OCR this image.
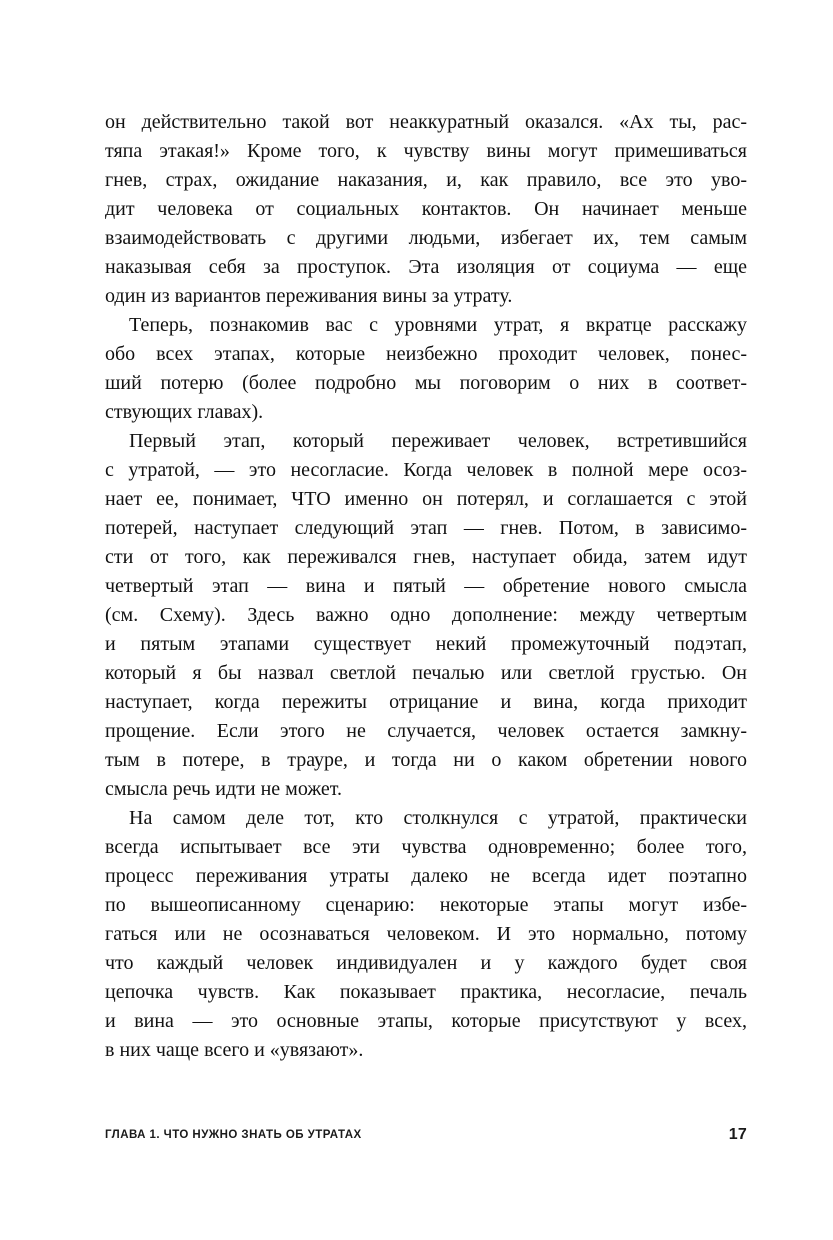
он действительно такой вот неаккуратный оказался. «Ах ты, рас-
тяпа этакая!» Кроме того, к чувству вины могут примешиваться
гнев, страх, ожидание наказания, и, как правило, все это уво-
дит человека от социальных контактов. Он начинает меньше
взаимодействовать с другими людьми, избегает их, тем самым
наказывая себя за проступок. Эта изоляция от социума — еще
один из вариантов переживания вины за утрату.
Теперь, познакомив вас с уровнями утрат, я вкратце расскажу
обо всех этапах, которые неизбежно проходит человек, понес-
ший потерю (более подробно мы поговорим о них в соответ-
ствующих главах).
Первый этап, который переживает человек, встретившийся
с утратой, — это несогласие. Когда человек в полной мере осоз-
нает ее, понимает, ЧТО именно он потерял, и соглашается с этой
потерей, наступает следующий этап — гнев. Потом, в зависимо-
сти от того, как переживался гнев, наступает обида, затем идут
четвертый этап — вина и пятый — обретение нового смысла
(см. Схему). Здесь важно одно дополнение: между четвертым
и пятым этапами существует некий промежуточный подэтап,
который я бы назвал светлой печалью или светлой грустью. Он
наступает, когда пережиты отрицание и вина, когда приходит
прощение. Если этого не случается, человек остается замкну-
тым в потере, в трауре, и тогда ни о каком обретении нового
смысла речь идти не может.
На самом деле тот, кто столкнулся с утратой, практически
всегда испытывает все эти чувства одновременно; более того,
процесс переживания утраты далеко не всегда идет поэтапно
по вышеописанному сценарию: некоторые этапы могут избе-
гаться или не осознаваться человеком. И это нормально, потому
что каждый человек индивидуален и у каждого будет своя
цепочка чувств. Как показывает практика, несогласие, печаль
и вина — это основные этапы, которые присутствуют у всех,
в них чаще всего и «увязают».
ГЛАВА 1. ЧТО НУЖНО ЗНАТЬ ОБ УТРАТАХ	17
